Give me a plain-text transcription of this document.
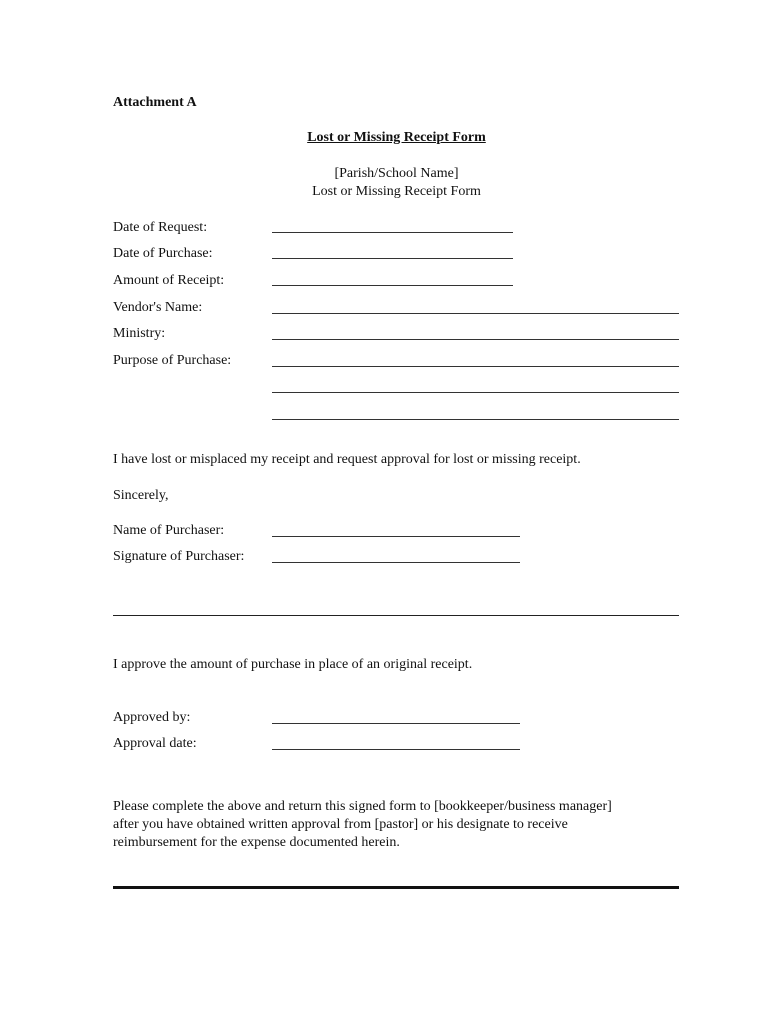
Attachment A
Lost or Missing Receipt Form
[Parish/School Name]
Lost or Missing Receipt Form
Date of Request:
Date of Purchase:
Amount of Receipt:
Vendor's Name:
Ministry:
Purpose of Purchase:
I have lost or misplaced my receipt and request approval for lost or missing receipt.
Sincerely,
Name of Purchaser:
Signature of Purchaser:
I approve the amount of purchase in place of an original receipt.
Approved by:
Approval date:
Please complete the above and return this signed form to [bookkeeper/business manager]
after you have obtained written approval from [pastor] or his designate to receive
reimbursement for the expense documented herein.
